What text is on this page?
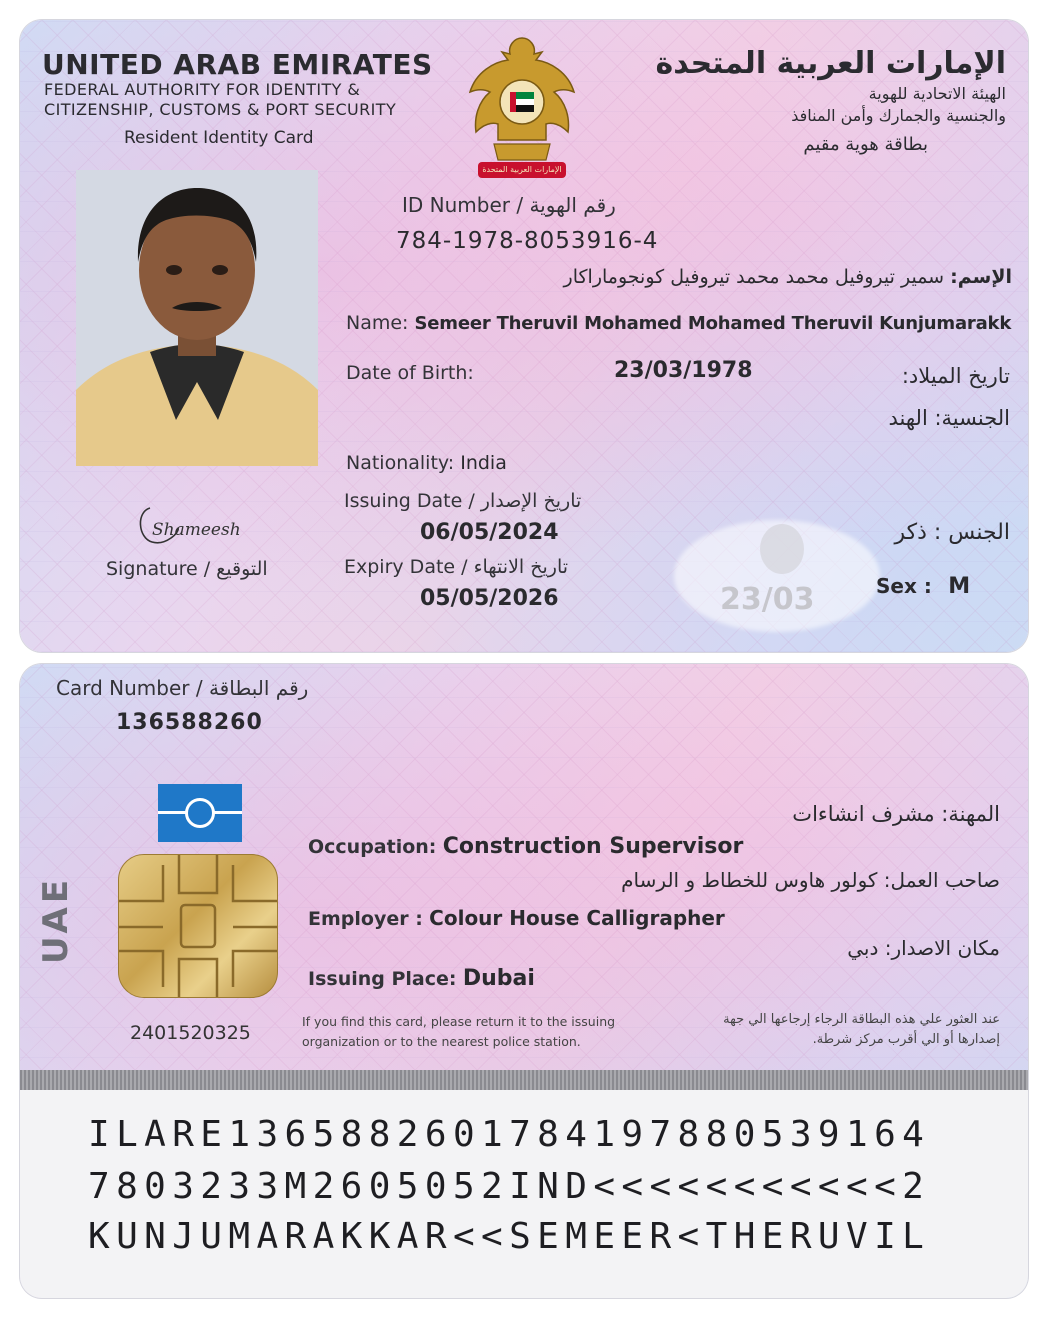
UNITED ARAB EMIRATES
FEDERAL AUTHORITY FOR IDENTITY &
CITIZENSHIP, CUSTOMS & PORT SECURITY
Resident Identity Card
الإمارات العربية المتحدة
الإمارات العربية المتحدة
الهيئة الاتحادية للهوية
والجنسية والجمارك وأمن المنافذ
بطاقة هوية مقيم
Shameesh
Signature / التوقيع
ID Number / رقم الهوية
784-1978-8053916-4
الإسم: سمير تيروفيل محمد محمد تيروفيل كونجوماراكار
Name: Semeer Theruvil Mohamed Mohamed Theruvil Kunjumarakk
Date of Birth:	23/03/1978	تاريخ الميلاد:
الجنسية: الهند
Nationality: India
Issuing Date / تاريخ الإصدار
06/05/2024
Expiry Date / تاريخ الانتهاء
05/05/2026	23/03
الجنس : ذكر
Sex : M
Card Number / رقم البطاقة
136588260
UAE
2401520325
المهنة: مشرف انشاءات
Occupation: Construction Supervisor
صاحب العمل: كولور هاوس للخطاط و الرسام
Employer : Colour House Calligrapher
مكان الاصدار: دبي
Issuing Place: Dubai
If you find this card, please return it to the issuing
organization or to the nearest police station.
عند العثور علي هذه البطاقة الرجاء إرجاعها الي جهة
إصدارها أو الي أقرب مركز شرطة.
ILARE1365882601784197880539164
7803233M2605052IND<<<<<<<<<<<2
KUNJUMARAKKAR<<SEMEER<THERUVIL
